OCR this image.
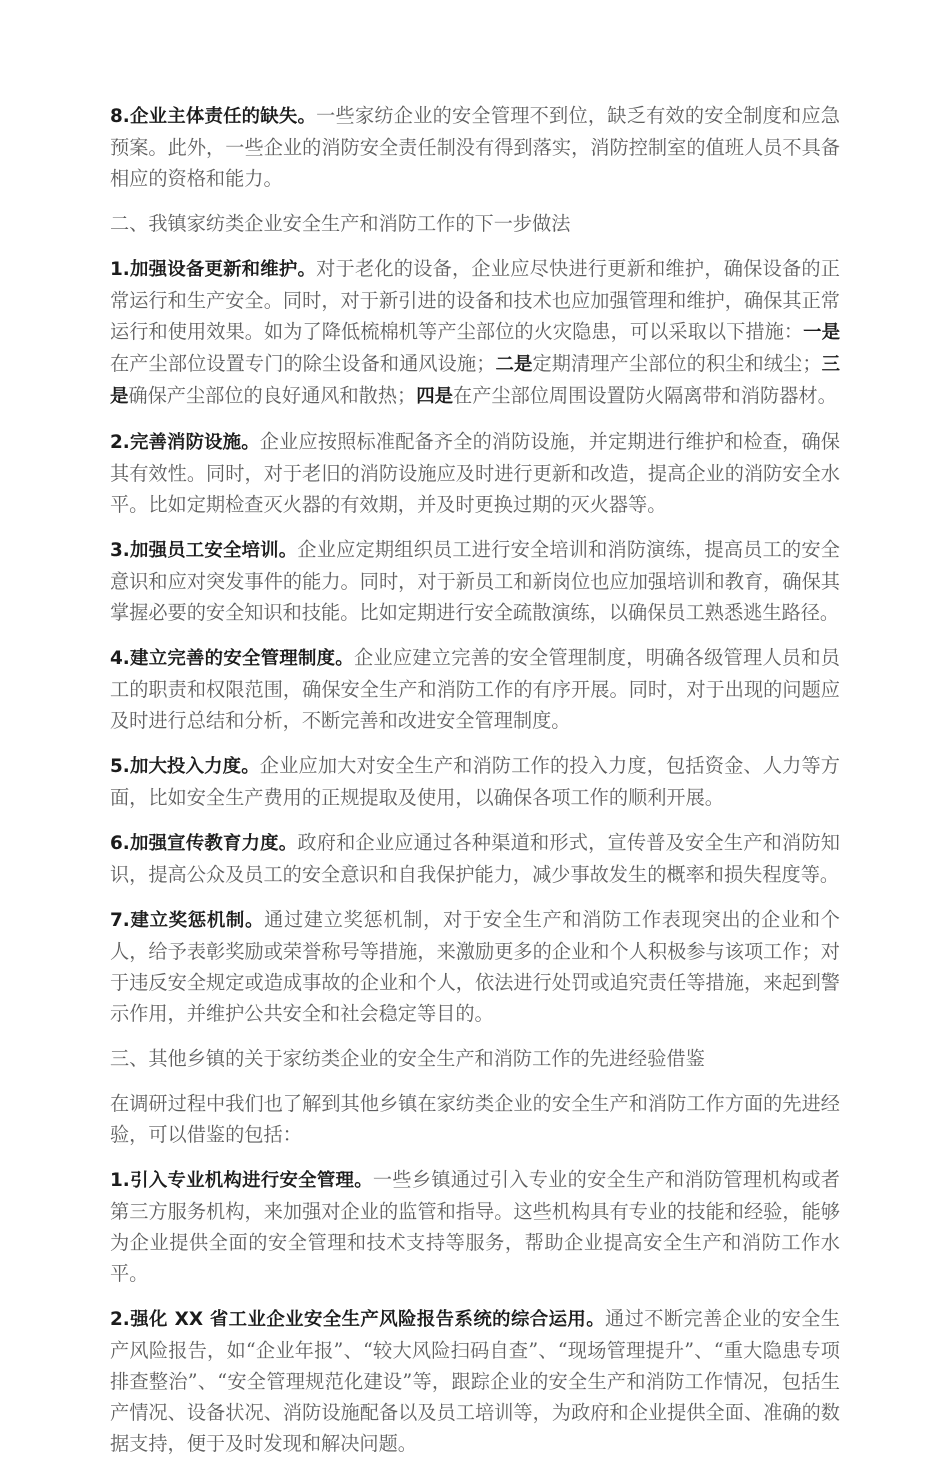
8.企业主体责任的缺失。一些家纺企业的安全管理不到位，缺乏有效的安全制度和应急预案。此外，一些企业的消防安全责任制没有得到落实，消防控制室的值班人员不具备相应的资格和能力。

二、我镇家纺类企业安全生产和消防工作的下一步做法

1.加强设备更新和维护。对于老化的设备，企业应尽快进行更新和维护，确保设备的正常运行和生产安全。同时，对于新引进的设备和技术也应加强管理和维护，确保其正常运行和使用效果。如为了降低梳棉机等产尘部位的火灾隐患，可以采取以下措施：一是在产尘部位设置专门的除尘设备和通风设施；二是定期清理产尘部位的积尘和绒尘；三是确保产尘部位的良好通风和散热；四是在产尘部位周围设置防火隔离带和消防器材。

2.完善消防设施。企业应按照标准配备齐全的消防设施，并定期进行维护和检查，确保其有效性。同时，对于老旧的消防设施应及时进行更新和改造，提高企业的消防安全水平。比如定期检查灭火器的有效期，并及时更换过期的灭火器等。

3.加强员工安全培训。企业应定期组织员工进行安全培训和消防演练，提高员工的安全意识和应对突发事件的能力。同时，对于新员工和新岗位也应加强培训和教育，确保其掌握必要的安全知识和技能。比如定期进行安全疏散演练，以确保员工熟悉逃生路径。

4.建立完善的安全管理制度。企业应建立完善的安全管理制度，明确各级管理人员和员工的职责和权限范围，确保安全生产和消防工作的有序开展。同时，对于出现的问题应及时进行总结和分析，不断完善和改进安全管理制度。

5.加大投入力度。企业应加大对安全生产和消防工作的投入力度，包括资金、人力等方面，比如安全生产费用的正规提取及使用，以确保各项工作的顺利开展。

6.加强宣传教育力度。政府和企业应通过各种渠道和形式，宣传普及安全生产和消防知识，提高公众及员工的安全意识和自我保护能力，减少事故发生的概率和损失程度等。

7.建立奖惩机制。通过建立奖惩机制，对于安全生产和消防工作表现突出的企业和个人，给予表彰奖励或荣誉称号等措施，来激励更多的企业和个人积极参与该项工作；对于违反安全规定或造成事故的企业和个人，依法进行处罚或追究责任等措施，来起到警示作用，并维护公共安全和社会稳定等目的。

三、其他乡镇的关于家纺类企业的安全生产和消防工作的先进经验借鉴

在调研过程中我们也了解到其他乡镇在家纺类企业的安全生产和消防工作方面的先进经验，可以借鉴的包括：

1.引入专业机构进行安全管理。一些乡镇通过引入专业的安全生产和消防管理机构或者第三方服务机构，来加强对企业的监管和指导。这些机构具有专业的技能和经验，能够为企业提供全面的安全管理和技术支持等服务，帮助企业提高安全生产和消防工作水平。

2.强化 XX 省工业企业安全生产风险报告系统的综合运用。通过不断完善企业的安全生产风险报告，如“企业年报”、“较大风险扫码自查”、“现场管理提升”、“重大隐患专项排查整治”、“安全管理规范化建设”等，跟踪企业的安全生产和消防工作情况，包括生产情况、设备状况、消防设施配备以及员工培训等，为政府和企业提供全面、准确的数据支持，便于及时发现和解决问题。
